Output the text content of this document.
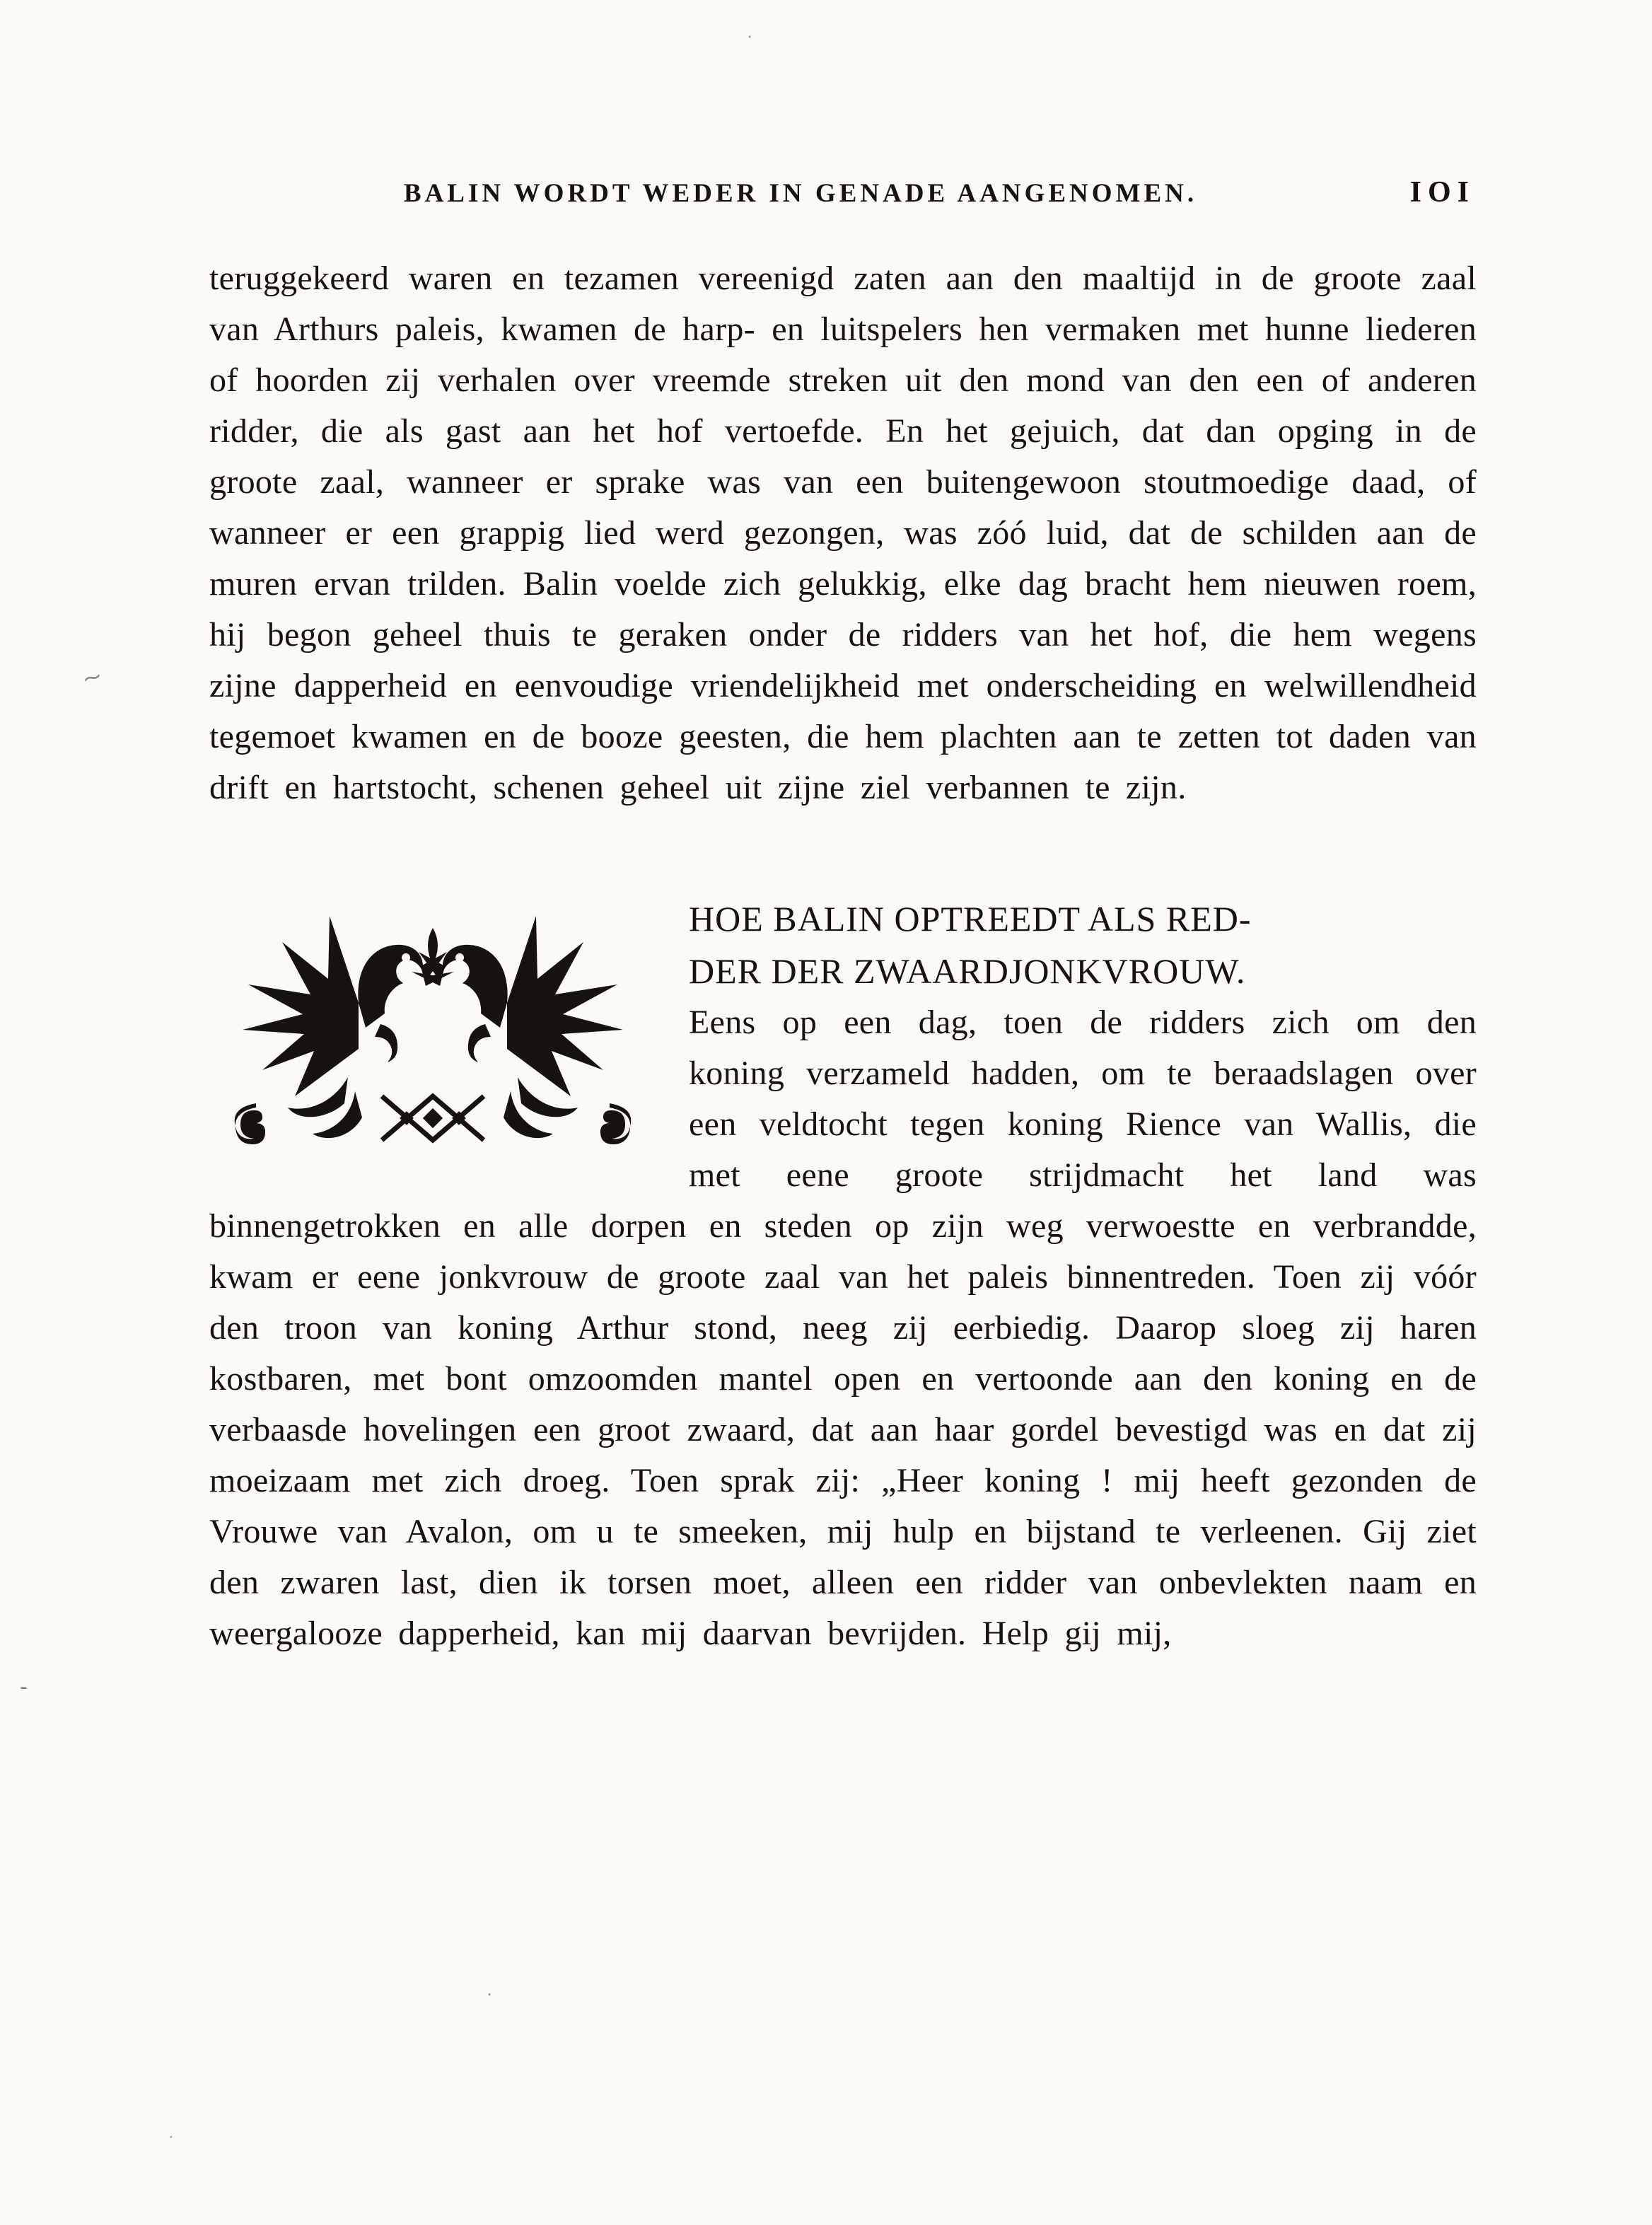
~
-
·
·
·
BALIN WORDT WEDER IN GENADE AANGENOMEN.	IOI

teruggekeerd waren en tezamen vereenigd zaten aan den maaltijd in de groote zaal van Arthurs paleis, kwamen de harp- en luitspelers hen vermaken met hunne liederen of hoorden zij verhalen over vreemde streken uit den mond van den een of anderen ridder, die als gast aan het hof vertoefde. En het gejuich, dat dan opging in de groote zaal, wanneer er sprake was van een buitengewoon stoutmoedige daad, of wanneer er een grappig lied werd gezongen, was zóó luid, dat de schilden aan de muren ervan trilden. Balin voelde zich gelukkig, elke dag bracht hem nieuwen roem, hij begon geheel thuis te geraken onder de ridders van het hof, die hem wegens zijne dapperheid en eenvoudige vriendelijkheid met onderscheiding en welwillendheid tegemoet kwamen en de booze geesten, die hem plachten aan te zetten tot daden van drift en hartstocht, schenen geheel uit zijne ziel verbannen te zijn.

HOE BALIN OPTREEDT ALS RED-
DER DER ZWAARDJONKVROUW.

Eens op een dag, toen de ridders zich om den koning verzameld hadden, om te beraadslagen over een veldtocht tegen koning Rience van Wallis, die met eene groote strijdmacht het land was binnengetrokken en alle dorpen en steden op zijn weg verwoestte en verbrandde, kwam er eene jonkvrouw de groote zaal van het paleis binnentreden. Toen zij vóór den troon van koning Arthur stond, neeg zij eerbiedig. Daarop sloeg zij haren kostbaren, met bont omzoomden mantel open en vertoonde aan den koning en de verbaasde hovelingen een groot zwaard, dat aan haar gordel bevestigd was en dat zij moeizaam met zich droeg. Toen sprak zij: „Heer koning ! mij heeft gezonden de Vrouwe van Avalon, om u te smeeken, mij hulp en bijstand te verleenen. Gij ziet den zwaren last, dien ik torsen moet, alleen een ridder van onbevlekten naam en weergalooze dapperheid, kan mij daarvan bevrijden. Help gij mij,
